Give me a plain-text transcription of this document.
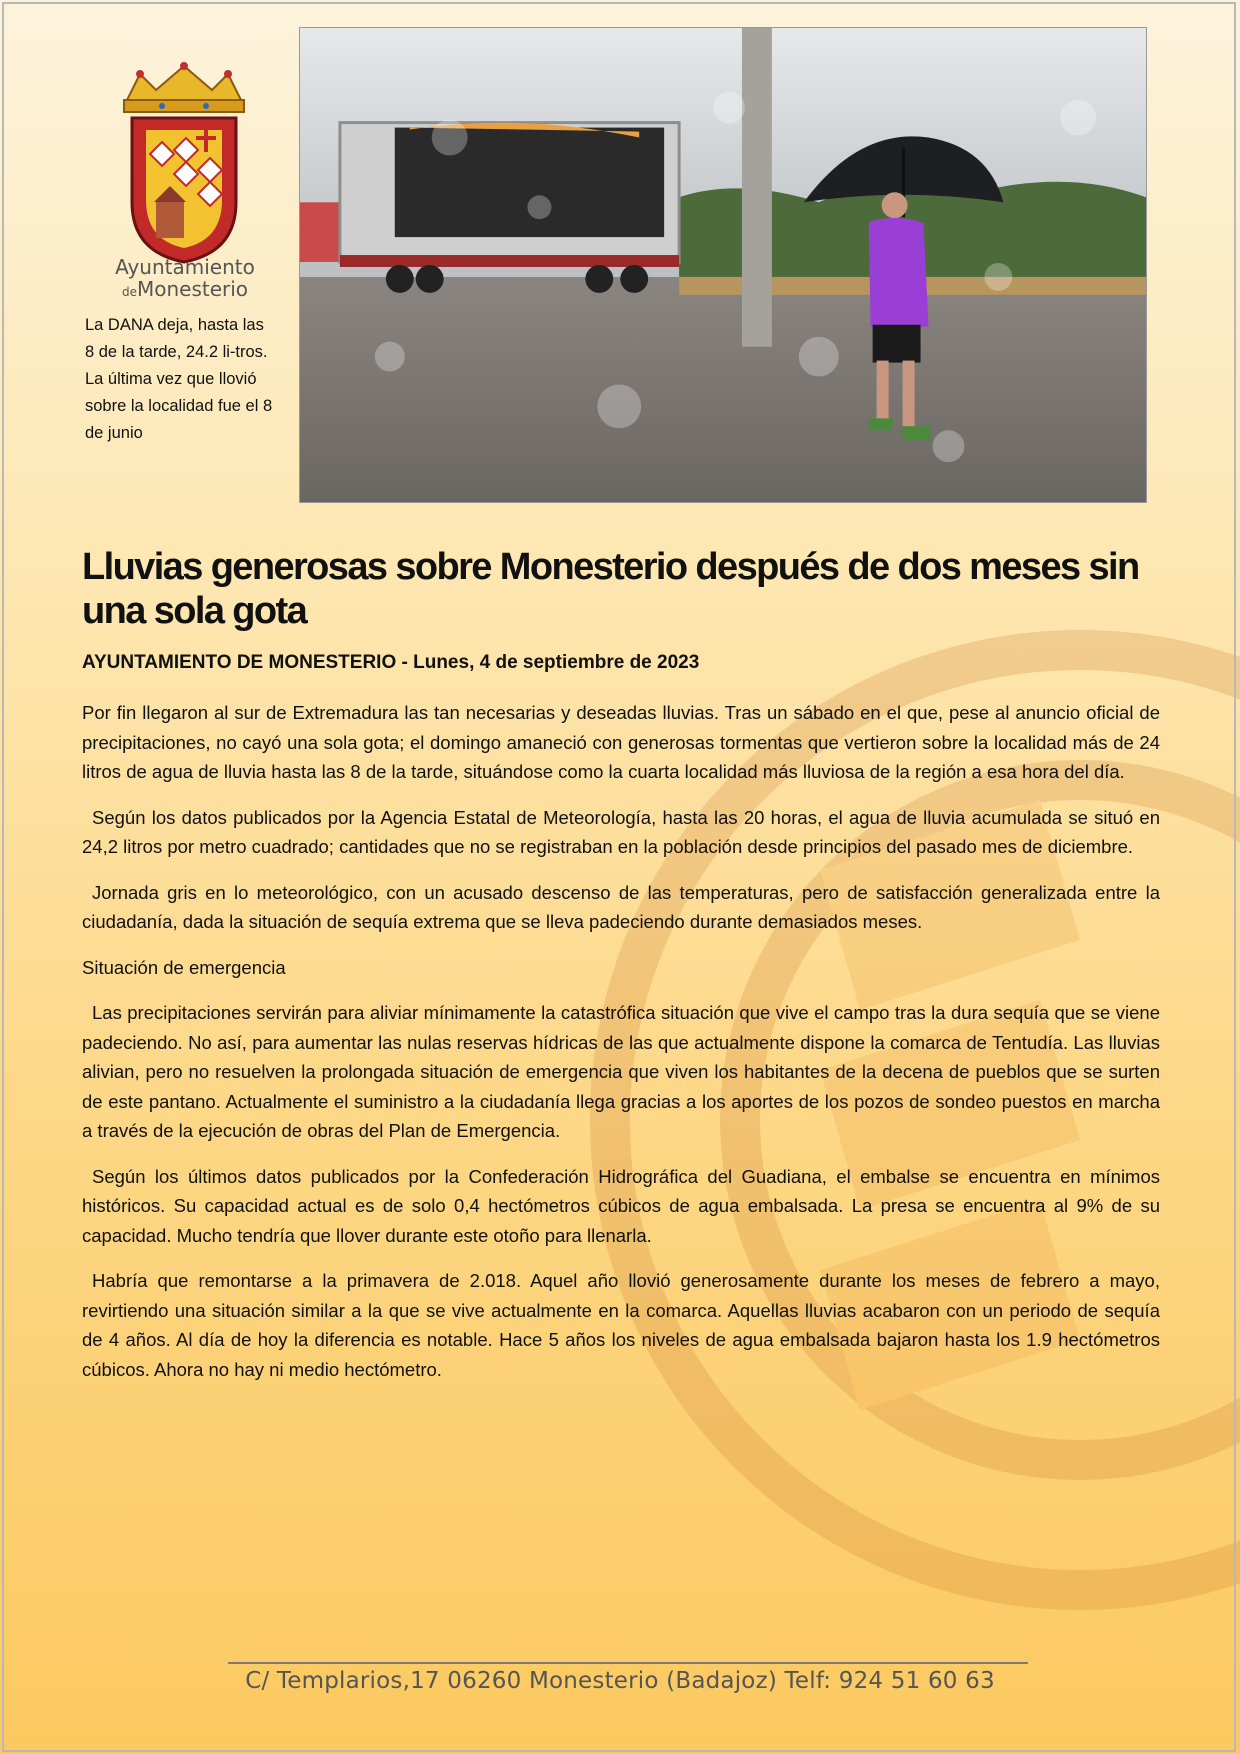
Ayuntamiento
deMonesterio
La DANA deja, hasta las 8 de la tarde, 24.2 li-tros. La última vez que llovió sobre la localidad fue el 8 de junio
Lluvias generosas sobre Monesterio después de dos meses sin una sola gota
AYUNTAMIENTO DE MONESTERIO - Lunes, 4 de septiembre de 2023

Por fin llegaron al sur de Extremadura las tan necesarias y deseadas lluvias. Tras un sábado en el que, pese al anuncio oficial de precipitaciones, no cayó una sola gota; el domingo amaneció con generosas tormentas que vertieron sobre la localidad más de 24 litros de agua de lluvia hasta las 8 de la tarde, situándose como la cuarta localidad más lluviosa de la región a esa hora del día.

Según los datos publicados por la Agencia Estatal de Meteorología, hasta las 20 horas, el agua de lluvia acumulada se situó en 24,2 litros por metro cuadrado; cantidades que no se registraban en la población desde principios del pasado mes de diciembre.

Jornada gris en lo meteorológico, con un acusado descenso de las temperaturas, pero de satisfacción generalizada entre la ciudadanía, dada la situación de sequía extrema que se lleva padeciendo durante demasiados meses.

Situación de emergencia

Las precipitaciones servirán para aliviar mínimamente la catastrófica situación que vive el campo tras la dura sequía que se viene padeciendo. No así, para aumentar las nulas reservas hídricas de las que actualmente dispone la comarca de Tentudía. Las lluvias alivian, pero no resuelven la prolongada situación de emergencia que viven los habitantes de la decena de pueblos que se surten de este pantano. Actualmente el suministro a la ciudadanía llega gracias a los aportes de los pozos de sondeo puestos en marcha a través de la ejecución de obras del Plan de Emergencia.

Según los últimos datos publicados por la Confederación Hidrográfica del Guadiana, el embalse se encuentra en mínimos históricos. Su capacidad actual es de solo 0,4 hectómetros cúbicos de agua embalsada. La presa se encuentra al 9% de su capacidad. Mucho tendría que llover durante este otoño para llenarla.

Habría que remontarse a la primavera de 2.018. Aquel año llovió generosamente durante los meses de febrero a mayo, revirtiendo una situación similar a la que se vive actualmente en la comarca. Aquellas lluvias acabaron con un periodo de sequía de 4 años. Al día de hoy la diferencia es notable. Hace 5 años los niveles de agua embalsada bajaron hasta los 1.9 hectómetros cúbicos. Ahora no hay ni medio hectómetro.

C/ Templarios,17 06260 Monesterio (Badajoz) Telf: 924 51 60 63
